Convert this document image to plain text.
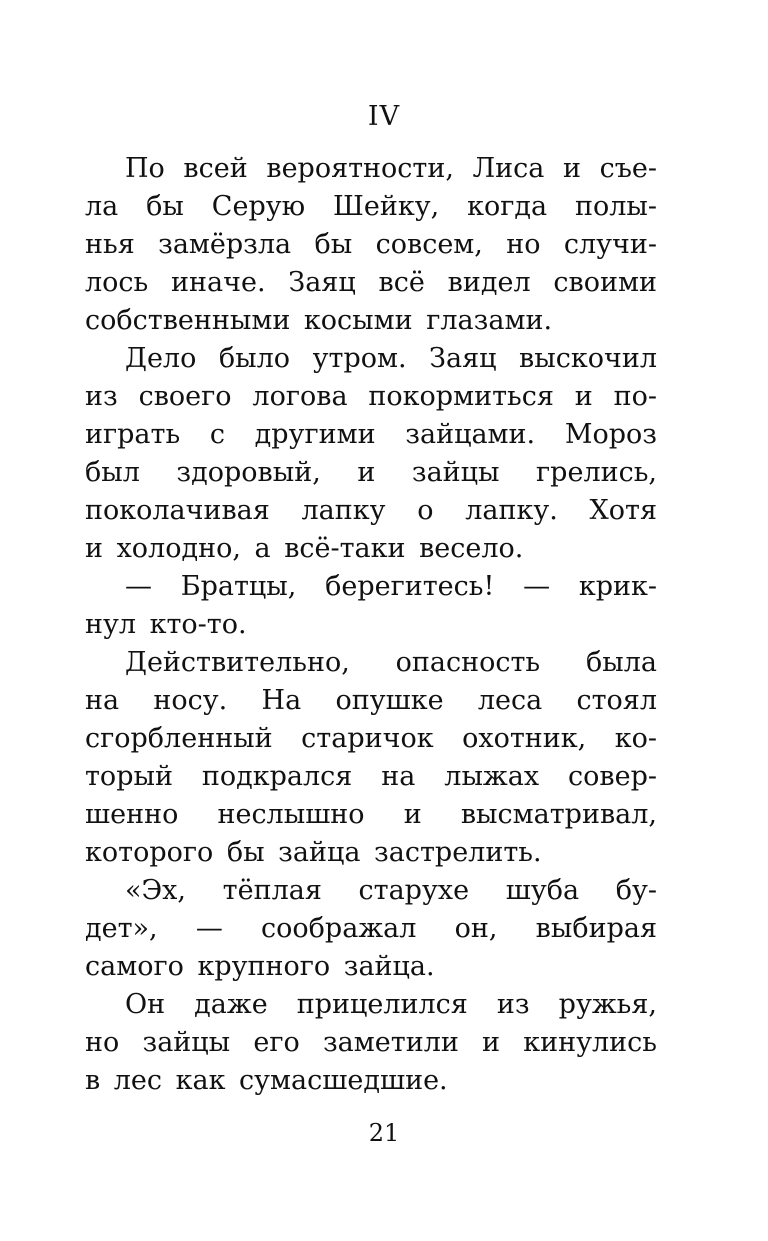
IV
По всей вероятности, Лиса и съе-
ла бы Серую Шейку, когда полы-
нья замёрзла бы совсем, но случи-
лось иначе. Заяц всё видел своими
собственными косыми глазами.
Дело было утром. Заяц выскочил
из своего логова покормиться и по-
играть с другими зайцами. Мороз
был здоровый, и зайцы грелись,
поколачивая лапку о лапку. Хотя
и холодно, а всё-таки весело.
— Братцы, берегитесь! — крик-
нул кто-то.
Действительно, опасность была
на носу. На опушке леса стоял
сгорбленный старичок охотник, ко-
торый подкрался на лыжах совер-
шенно неслышно и высматривал,
которого бы зайца застрелить.
«Эх, тёплая старухе шуба бу-
дет», — соображал он, выбирая
самого крупного зайца.
Он даже прицелился из ружья,
но зайцы его заметили и кинулись
в лес как сумасшедшие.
21
